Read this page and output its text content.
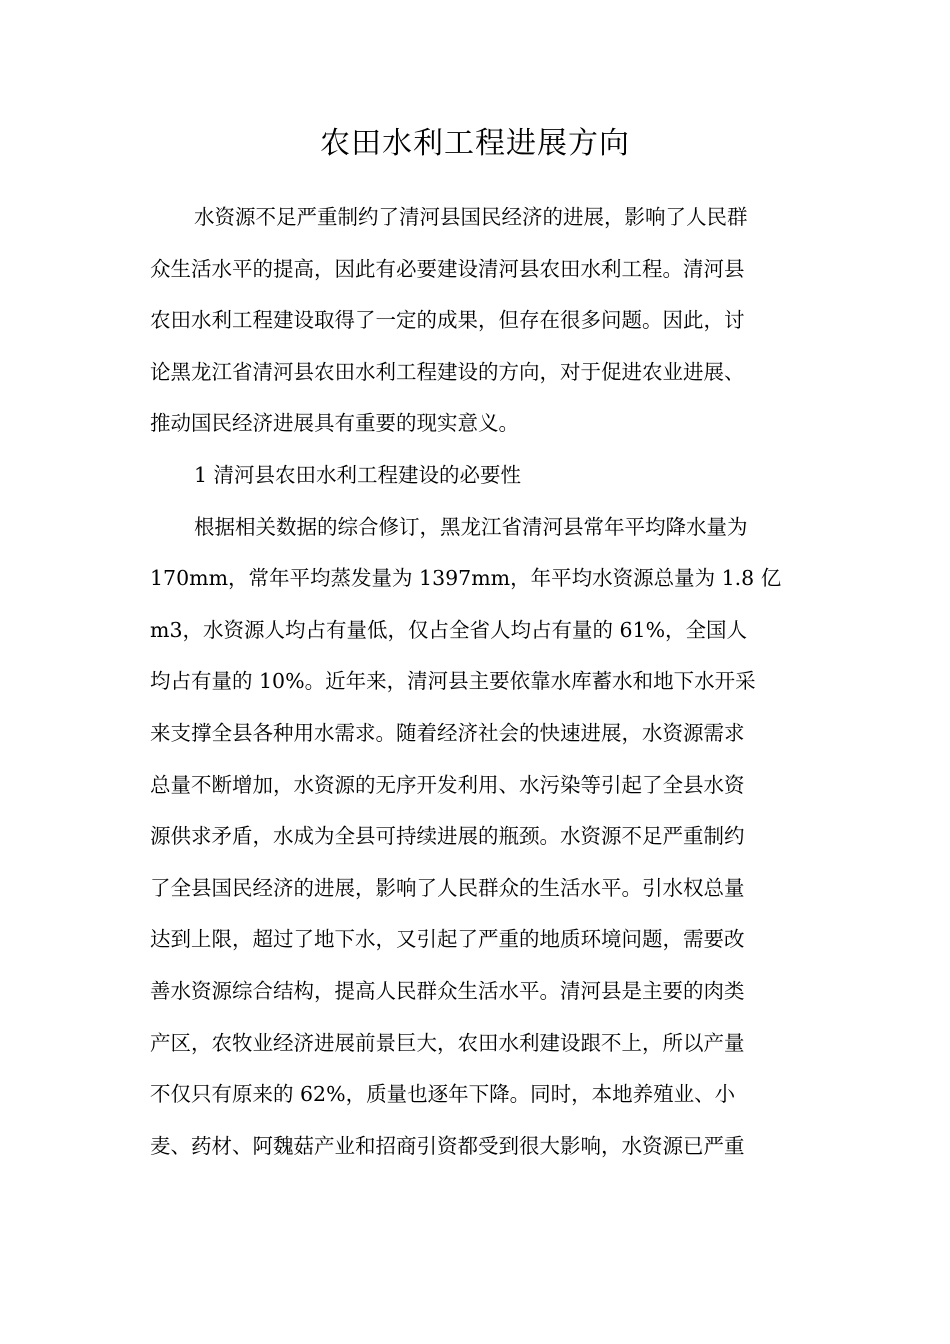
农田水利工程进展方向
水资源不足严重制约了清河县国民经济的进展，影响了人民群
众生活水平的提高，因此有必要建设清河县农田水利工程。清河县
农田水利工程建设取得了一定的成果，但存在很多问题。因此，讨
论黑龙江省清河县农田水利工程建设的方向，对于促进农业进展、
推动国民经济进展具有重要的现实意义。
1 清河县农田水利工程建设的必要性
根据相关数据的综合修订，黑龙江省清河县常年平均降水量为
170mm，常年平均蒸发量为 1397mm，年平均水资源总量为 1.8 亿
m3，水资源人均占有量低，仅占全省人均占有量的 61%，全国人
均占有量的 10%。近年来，清河县主要依靠水库蓄水和地下水开采
来支撑全县各种用水需求。随着经济社会的快速进展，水资源需求
总量不断增加，水资源的无序开发利用、水污染等引起了全县水资
源供求矛盾，水成为全县可持续进展的瓶颈。水资源不足严重制约
了全县国民经济的进展，影响了人民群众的生活水平。引水权总量
达到上限，超过了地下水，又引起了严重的地质环境问题，需要改
善水资源综合结构，提高人民群众生活水平。清河县是主要的肉类
产区，农牧业经济进展前景巨大，农田水利建设跟不上，所以产量
不仅只有原来的 62%，质量也逐年下降。同时，本地养殖业、小
麦、药材、阿魏菇产业和招商引资都受到很大影响，水资源已严重
